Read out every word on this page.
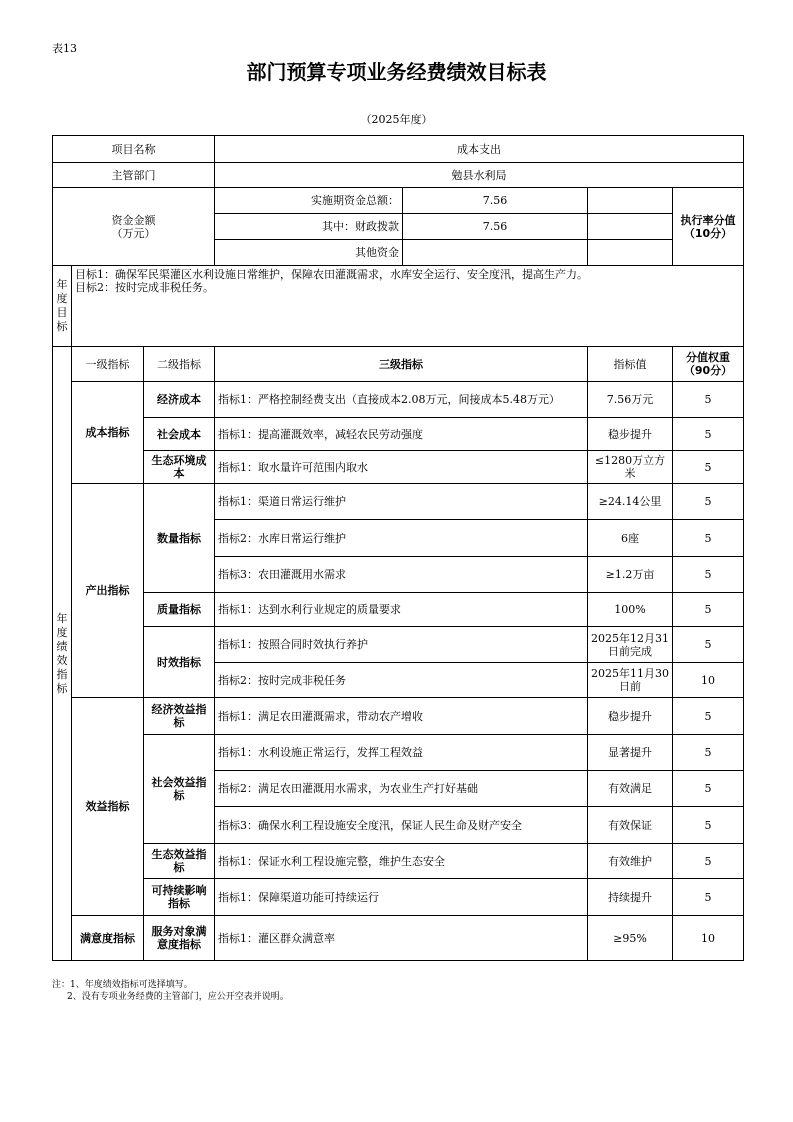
表13
部门预算专项业务经费绩效目标表
（2025年度）
项目名称			成本支出			
主管部门			勉县水利局			
资金金额（万元）			实施期资金总额：	7.56		执行率分值（10分）
			其中：财政拨款	7.56		
			其他资金			
年度目标	目标1：确保军民渠灌区水利设施日常维护，保障农田灌溉需求，水库安全运行、安全度汛，提高生产力。
目标2：按时完成非税任务。					

年度绩效指标	一级指标	二级指标	三级指标		指标值	分值权重（90分）
	成本指标	经济成本	指标1：严格控制经费支出（直接成本2.08万元，间接成本5.48万元）		7.56万元	5
		社会成本	指标1：提高灌溉效率，减轻农民劳动强度		稳步提升	5
		生态环境成本	指标1：取水量许可范围内取水		≤1280万立方米	5
	产出指标	数量指标	指标1：渠道日常运行维护		≥24.14公里	5
			指标2：水库日常运行维护		6座	5
			指标3：农田灌溉用水需求		≥1.2万亩	5
		质量指标	指标1：达到水利行业规定的质量要求		100%	5
		时效指标	指标1：按照合同时效执行养护		2025年12月31日前完成	5
			指标2：按时完成非税任务		2025年11月30日前	10
	效益指标	经济效益指标	指标1：满足农田灌溉需求，带动农产增收		稳步提升	5
		社会效益指标	指标1：水利设施正常运行，发挥工程效益		显著提升	5
			指标2：满足农田灌溉用水需求，为农业生产打好基础		有效满足	5
			指标3：确保水利工程设施安全度汛，保证人民生命及财产安全		有效保证	5
		生态效益指标	指标1：保证水利工程设施完整，维护生态安全		有效维护	5
		可持续影响指标	指标1：保障渠道功能可持续运行		持续提升	5
	满意度指标	服务对象满意度指标	指标1：灌区群众满意率		≥95%	10
注：1、年度绩效指标可选择填写。
2、没有专项业务经费的主管部门，应公开空表并说明。
